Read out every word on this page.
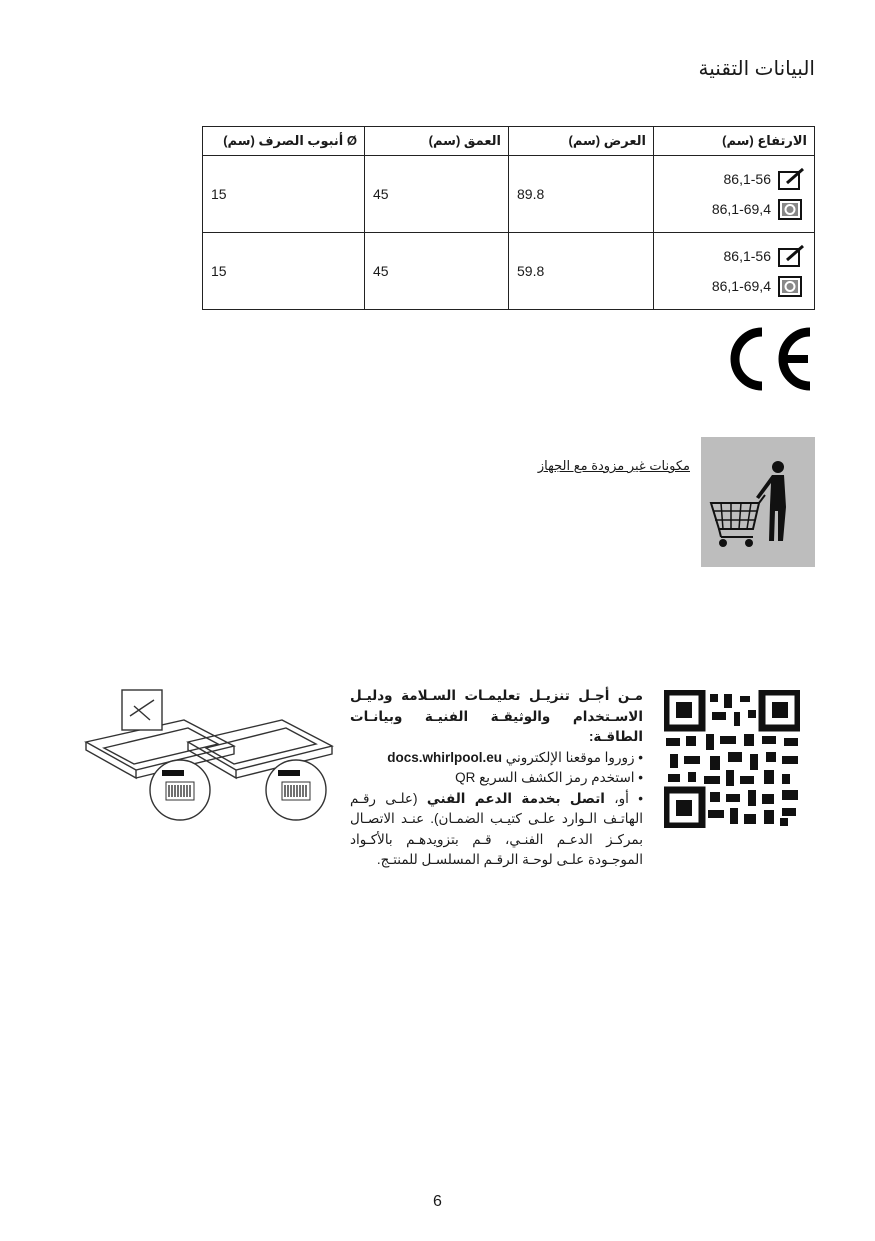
البيانات التقنية
الارتفاع (سم)	العرض (سم)	العمق (سم)	Ø أنبوب الصرف (سم)

86,1-56
86,1-69,4	89.8	45	15

86,1-56
86,1-69,4	59.8	45	15
مكونات غير مزودة مع الجهاز

مـن أجـل تنزيـل تعليمـات السـلامة ودليـل الاسـتخدام والوثيقـة الفنيـة وبيانـات الطاقـة:

• زوروا موقعنا الإلكتروني docs.whirlpool.eu

• استخدم رمز الكشف السريع QR

• أو، اتصل بخدمة الدعم الفني (علـى رقـم الهاتـف الـوارد علـى كتيـب الضمـان). عنـد الاتصـال بمركـز الدعـم الفنـي، قـم بتزويدهـم بالأكـواد الموجـودة علـى لوحـة الرقـم المسلسـل للمنتـج.

6
